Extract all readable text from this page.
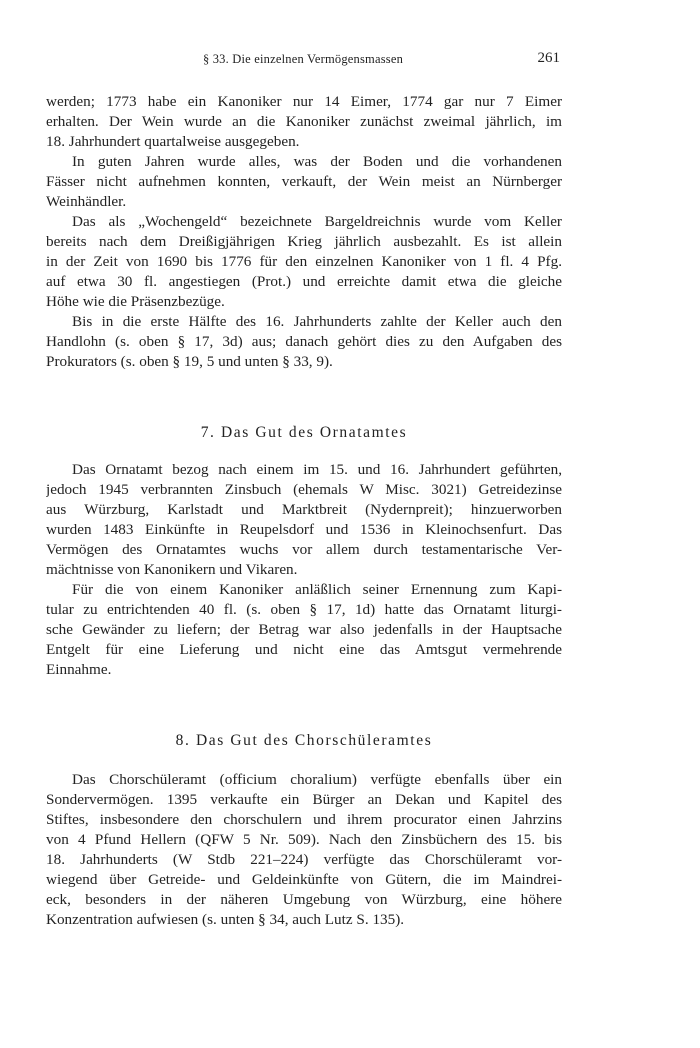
§ 33. Die einzelnen Vermögensmassen	261
werden; 1773 habe ein Kanoniker nur 14 Eimer, 1774 gar nur 7 Eimer
erhalten. Der Wein wurde an die Kanoniker zunächst zweimal jährlich, im
18. Jahrhundert quartalweise ausgegeben.
In guten Jahren wurde alles, was der Boden und die vorhandenen
Fässer nicht aufnehmen konnten, verkauft, der Wein meist an Nürnberger
Weinhändler.
Das als „Wochengeld“ bezeichnete Bargeldreichnis wurde vom Keller
bereits nach dem Dreißigjährigen Krieg jährlich ausbezahlt. Es ist allein
in der Zeit von 1690 bis 1776 für den einzelnen Kanoniker von 1 fl. 4 Pfg.
auf etwa 30 fl. angestiegen (Prot.) und erreichte damit etwa die gleiche
Höhe wie die Präsenzbezüge.
Bis in die erste Hälfte des 16. Jahrhunderts zahlte der Keller auch den
Handlohn (s. oben § 17, 3d) aus; danach gehört dies zu den Aufgaben des
Prokurators (s. oben § 19, 5 und unten § 33, 9).
7. Das Gut des Ornatamtes
Das Ornatamt bezog nach einem im 15. und 16. Jahrhundert geführten,
jedoch 1945 verbrannten Zinsbuch (ehemals W Misc. 3021) Getreidezinse
aus Würzburg, Karlstadt und Marktbreit (Nydernpreit); hinzuerworben
wurden 1483 Einkünfte in Reupelsdorf und 1536 in Kleinochsenfurt. Das
Vermögen des Ornatamtes wuchs vor allem durch testamentarische Ver-
mächtnisse von Kanonikern und Vikaren.
Für die von einem Kanoniker anläßlich seiner Ernennung zum Kapi-
tular zu entrichtenden 40 fl. (s. oben § 17, 1d) hatte das Ornatamt liturgi-
sche Gewänder zu liefern; der Betrag war also jedenfalls in der Hauptsache
Entgelt für eine Lieferung und nicht eine das Amtsgut vermehrende
Einnahme.
8. Das Gut des Chorschüleramtes
Das Chorschüleramt (officium choralium) verfügte ebenfalls über ein
Sondervermögen. 1395 verkaufte ein Bürger an Dekan und Kapitel des
Stiftes, insbesondere den chorschulern und ihrem procurator einen Jahrzins
von 4 Pfund Hellern (QFW 5 Nr. 509). Nach den Zinsbüchern des 15. bis
18. Jahrhunderts (W Stdb 221–224) verfügte das Chorschüleramt vor-
wiegend über Getreide- und Geldeinkünfte von Gütern, die im Maindrei-
eck, besonders in der näheren Umgebung von Würzburg, eine höhere
Konzentration aufwiesen (s. unten § 34, auch Lutz S. 135).
